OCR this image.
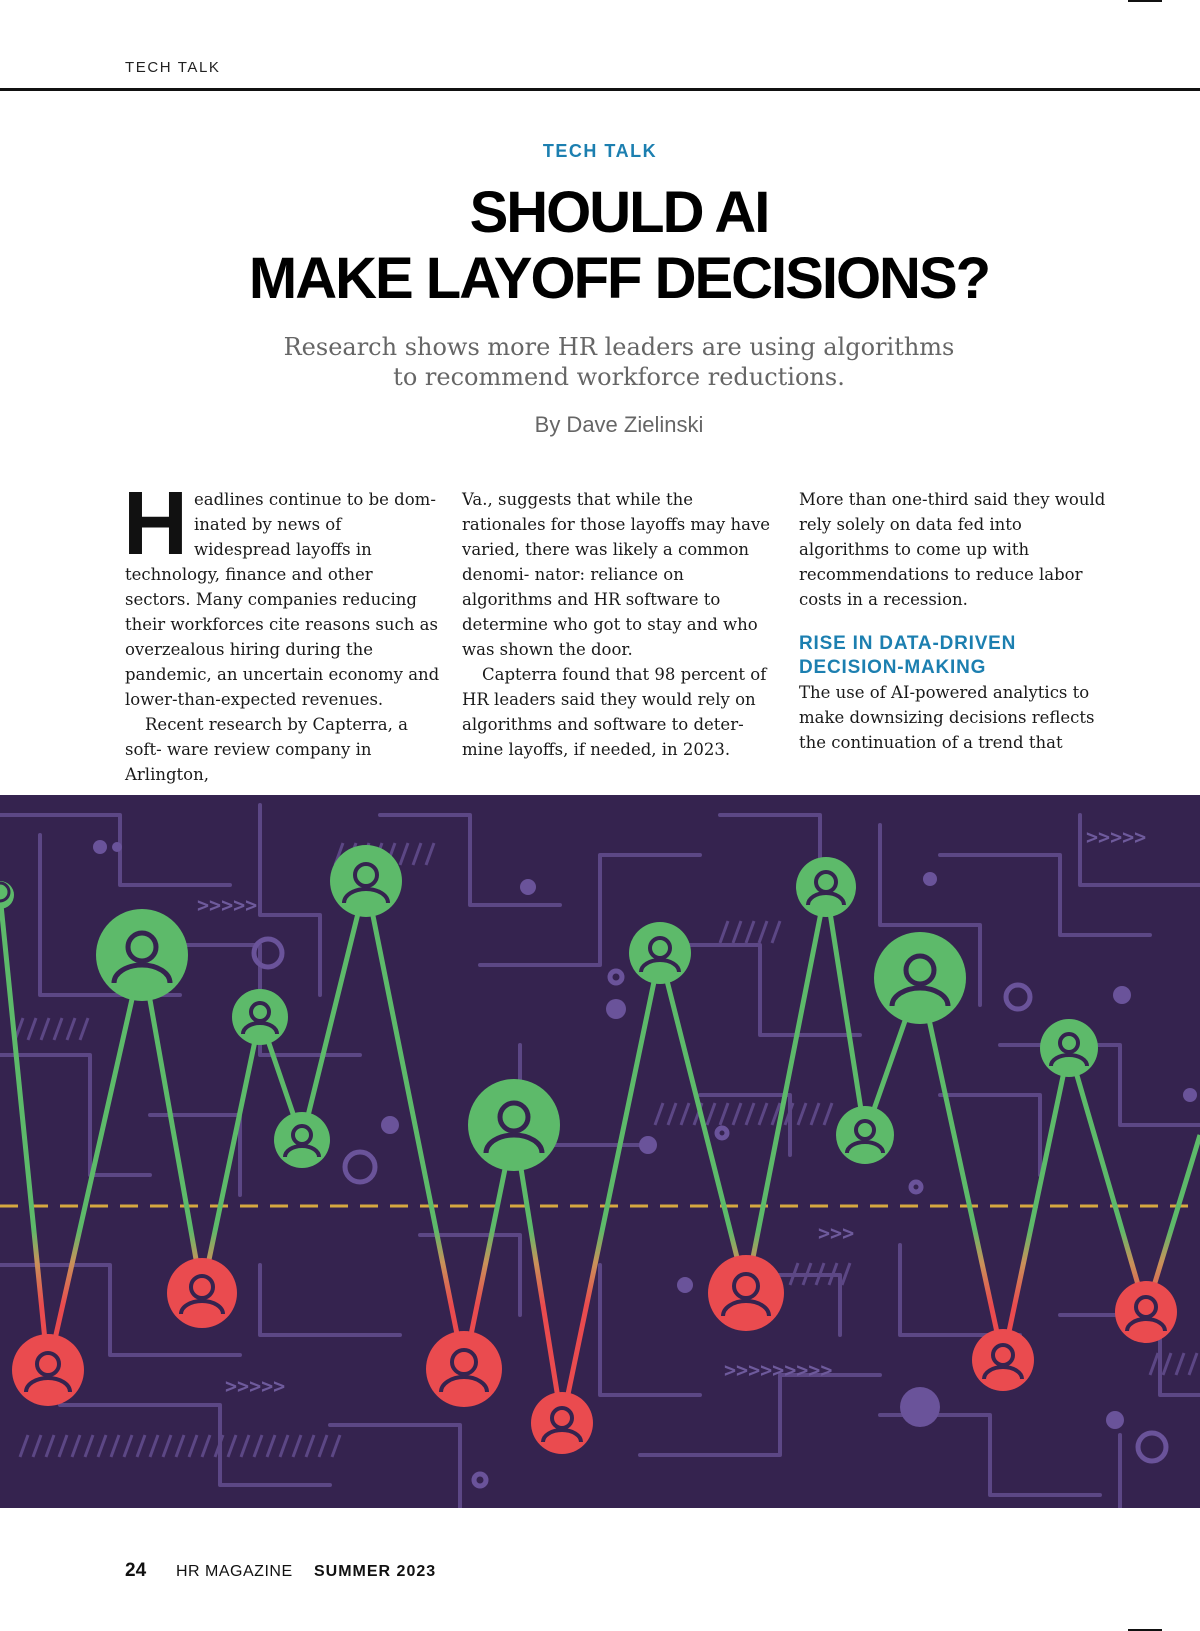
TECH TALK
TECH TALK
SHOULD AI
MAKE LAYOFF DECISIONS?

Research shows more HR leaders are using algorithms
to recommend workforce reductions.

By Dave Zielinski

Headlines continue to be dom- inated by news of widespread layoffs in technology, finance and other sectors. Many companies reducing their workforces cite reasons such as overzealous hiring during the pandemic, an uncertain economy and lower-than-expected revenues.

Recent research by Capterra, a soft- ware review company in Arlington,

Va., suggests that while the rationales for those layoffs may have varied, there was likely a common denomi- nator: reliance on algorithms and HR software to determine who got to stay and who was shown the door.

Capterra found that 98 percent of HR leaders said they would rely on algorithms and software to deter- mine layoffs, if needed, in 2023.

More than one-third said they would rely solely on data fed into algorithms to come up with recommendations to reduce labor costs in a recession.

RISE IN DATA-DRIVEN DECISION-MAKING

The use of AI-powered analytics to make downsizing decisions reflects the continuation of a trend that

>>>>>
>>>>>
>>>
>>>>>>>>>
>>>>>
24 HR MAGAZINE SUMMER 2023
